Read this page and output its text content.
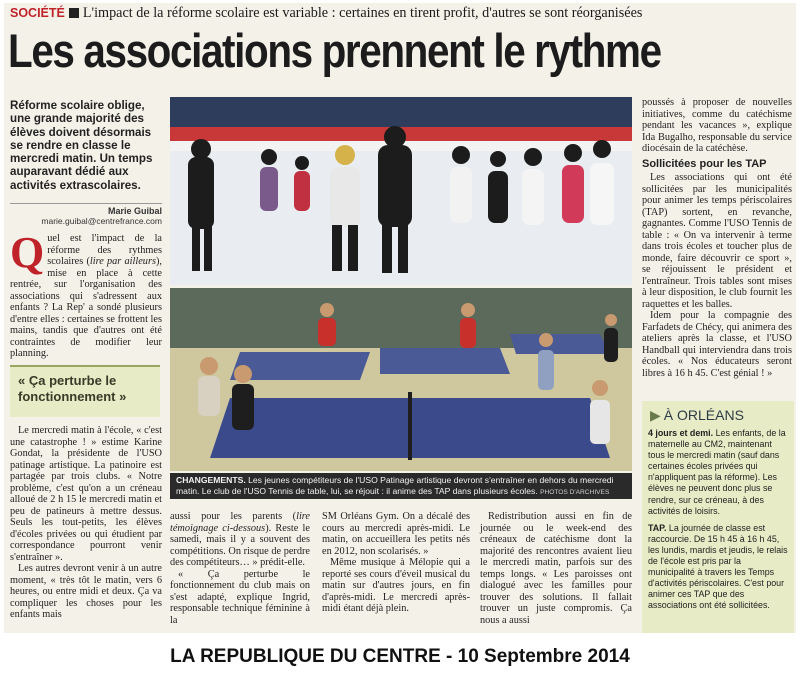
SOCIÉTÉ L'impact de la réforme scolaire est variable : certaines en tirent profit, d'autres se sont réorganisées
Les associations prennent le rythme
Réforme scolaire oblige, une grande majorité des élèves doivent désormais se rendre en classe le mercredi matin. Un temps auparavant dédié aux activités extrascolaires.
Marie Guibal
marie.guibal@centrefrance.com

Quel est l'impact de la réforme des rythmes scolaires (lire par ailleurs), mise en place à cette rentrée, sur l'organisation des associations qui s'adressent aux enfants ? La Rep' a sondé plusieurs d'entre elles : certaines se frottent les mains, tandis que d'autres ont été contraintes de modifier leur planning.

« Ça perturbe le fonctionnement »

Le mercredi matin à l'école, « c'est une catastrophe ! » estime Karine Gondat, la présidente de l'USO patinage artistique. La patinoire est partagée par trois clubs. « Notre problème, c'est qu'on a un créneau alloué de 2 h 15 le mercredi matin et peu de patineurs à mettre dessus. Seuls les tout-petits, les élèves d'écoles privées ou qui étudient par correspondance pourront venir s'entraîner ».

Les autres devront venir à un autre moment, « très tôt le matin, vers 6 heures, ou entre midi et deux. Ça va compliquer les choses pour les enfants mais

CHANGEMENTS. Les jeunes compétiteurs de l'USO Patinage artistique devront s'entraîner en dehors du mercredi matin. Le club de l'USO Tennis de table, lui, se réjouit : il anime des TAP dans plusieurs écoles. PHOTOS D'ARCHIVES

aussi pour les parents (lire témoignage ci-dessous). Reste le samedi, mais il y a souvent des compétitions. On risque de perdre des compétiteurs… » prédit-elle.

« Ça perturbe le fonctionnement du club mais on s'est adapté, explique Ingrid, responsable technique féminine à la

SM Orléans Gym. On a décalé des cours au mercredi après-midi. Le matin, on accueillera les petits nés en 2012, non scolarisés. »

Même musique à Mélopie qui a reporté ses cours d'éveil musical du matin sur d'autres jours, en fin d'après-midi. Le mercredi après-midi étant déjà plein.

Redistribution aussi en fin de journée ou le week-end des créneaux de catéchisme dont la majorité des rencontres avaient lieu le mercredi matin, parfois sur des temps longs. « Les paroisses ont dialogué avec les familles pour trouver des solutions. Il fallait trouver un juste compromis. Ça nous a aussi

poussés à proposer de nouvelles initiatives, comme du catéchisme pendant les vacances », explique Ida Bugalho, responsable du service diocésain de la catéchèse.

Sollicitées pour les TAP

Les associations qui ont été sollicitées par les municipalités pour animer les temps périscolaires (TAP) sortent, en revanche, gagnantes. Comme l'USO Tennis de table : « On va intervenir à terme dans trois écoles et toucher plus de monde, faire découvrir ce sport », se réjouissent le président et l'entraîneur. Trois tables sont mises à leur disposition, le club fournit les raquettes et les balles.

Idem pour la compagnie des Farfadets de Chécy, qui animera des ateliers après la classe, et l'USO Handball qui interviendra dans trois écoles. « Nos éducateurs seront libres à 16 h 45. C'est génial ! »

▶ À ORLÉANS

4 jours et demi. Les enfants, de la maternelle au CM2, maintenant tous le mercredi matin (sauf dans certaines écoles privées qui n'appliquent pas la réforme). Les élèves ne peuvent donc plus se rendre, sur ce créneau, à des activités de loisirs.

TAP. La journée de classe est raccourcie. De 15 h 45 à 16 h 45, les lundis, mardis et jeudis, le relais de l'école est pris par la municipalité à travers les Temps d'activités périscolaires. C'est pour animer ces TAP que des associations ont été sollicitées.

LA REPUBLIQUE DU CENTRE - 10 Septembre 2014
